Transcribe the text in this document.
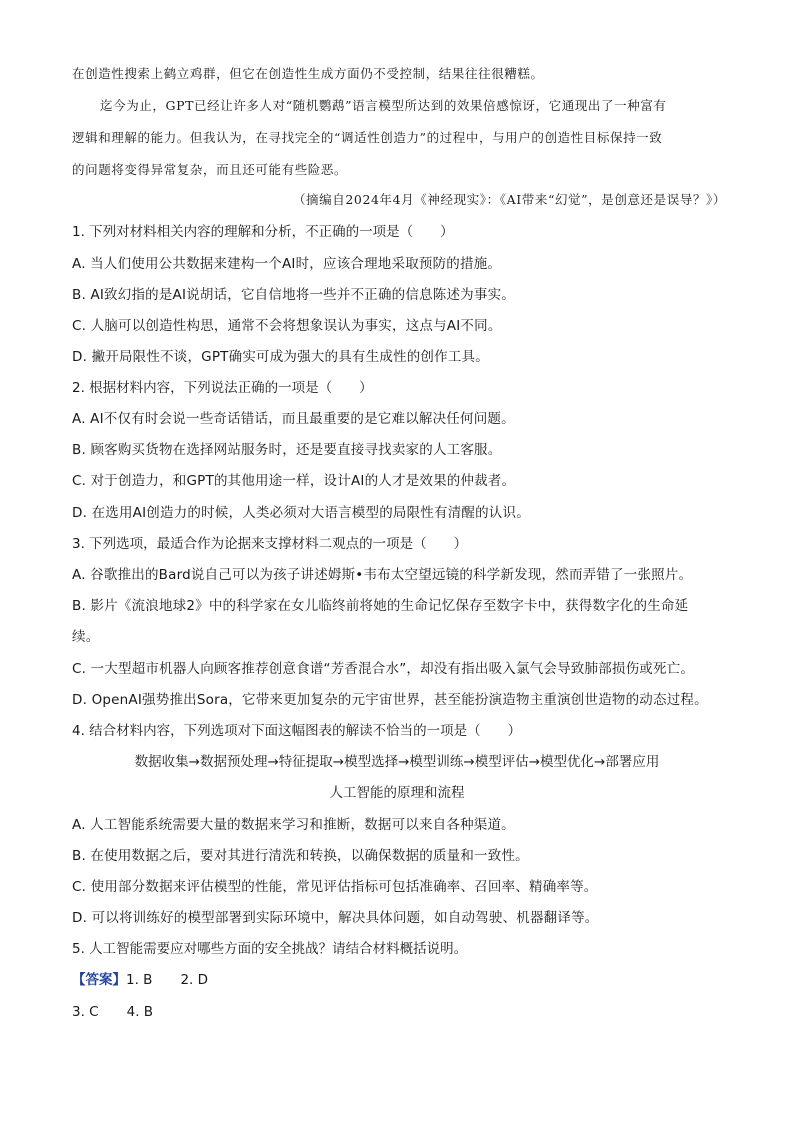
在创造性搜索上鹤立鸡群，但它在创造性生成方面仍不受控制，结果往往很糟糕。
迄今为止，GPT已经让许多人对“随机鹦鹉”语言模型所达到的效果倍感惊讶，它通现出了一种富有
逻辑和理解的能力。但我认为，在寻找完全的“调适性创造力”的过程中，与用户的创造性目标保持一致
的问题将变得异常复杂，而且还可能有些险恶。
（摘编自2024年4月《神经现实》：《AI带来“幻觉”，是创意还是误导？》）
1. 下列对材料相关内容的理解和分析，不正确的一项是（　　）
A. 当人们使用公共数据来建构一个AI时，应该合理地采取预防的措施。
B. AI致幻指的是AI说胡话，它自信地将一些并不正确的信息陈述为事实。
C. 人脑可以创造性构思，通常不会将想象误认为事实，这点与AI不同。
D. 撇开局限性不谈，GPT确实可成为强大的具有生成性的创作工具。
2. 根据材料内容，下列说法正确的一项是（　　）
A. AI不仅有时会说一些奇话错话，而且最重要的是它难以解决任何问题。
B. 顾客购买货物在选择网站服务时，还是要直接寻找卖家的人工客服。
C. 对于创造力，和GPT的其他用途一样，设计AI的人才是效果的仲裁者。
D. 在选用AI创造力的时候，人类必须对大语言模型的局限性有清醒的认识。
3. 下列选项，最适合作为论据来支撑材料二观点的一项是（　　）
A. 谷歌推出的Bard说自己可以为孩子讲述姆斯•韦布太空望远镜的科学新发现，然而弄错了一张照片。
B. 影片《流浪地球2》中的科学家在女儿临终前将她的生命记忆保存至数字卡中，获得数字化的生命延
续。
C. 一大型超市机器人向顾客推荐创意食谱“芳香混合水”，却没有指出吸入氯气会导致肺部损伤或死亡。
D. OpenAI强势推出Sora，它带来更加复杂的元宇宙世界，甚至能扮演造物主重演创世造物的动态过程。
4. 结合材料内容，下列选项对下面这幅图表的解读不恰当的一项是（　　）
数据收集→数据预处理→特征提取→模型选择→模型训练→模型评估→模型优化→部署应用
人工智能的原理和流程
A. 人工智能系统需要大量的数据来学习和推断，数据可以来自各种渠道。
B. 在使用数据之后，要对其进行清洗和转换，以确保数据的质量和一致性。
C. 使用部分数据来评估模型的性能，常见评估指标可包括准确率、召回率、精确率等。
D. 可以将训练好的模型部署到实际环境中，解决具体问题，如自动驾驶、机器翻译等。
5. 人工智能需要应对哪些方面的安全挑战？请结合材料概括说明。
【答案】1. B 2. D
3. C 4. B
